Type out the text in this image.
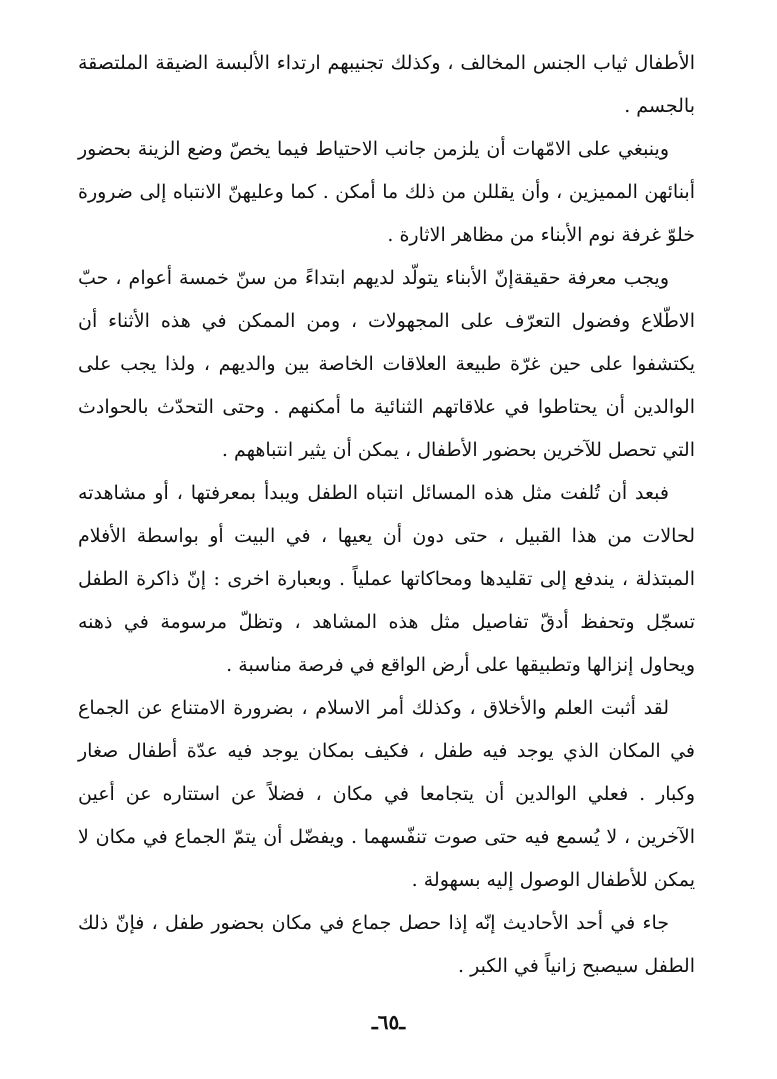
الأطفال ثياب الجنس المخالف ، وكذلك تجنيبهم ارتداء الألبسة الضيقة الملتصقة بالجسم .

وينبغي على الامّهات أن يلزمن جانب الاحتياط فيما يخصّ وضع الزينة بحضور أبنائهن المميزين ، وأن يقللن من ذلك ما أمكن . كما وعليهنّ الانتباه إلى ضرورة خلوّ غرفة نوم الأبناء من مظاهر الاثارة .

ويجب معرفة حقيقةإنّ الأبناء يتولّد لديهم ابتداءً من سنّ خمسة أعوام ، حبّ الاطّلاع وفضول التعرّف على المجهولات ، ومن الممكن في هذه الأثناء أن يكتشفوا على حين غرّة طبيعة العلاقات الخاصة بين والديهم ، ولذا يجب على الوالدين أن يحتاطوا في علاقاتهم الثنائية ما أمكنهم . وحتى التحدّث بالحوادث التي تحصل للآخرين بحضور الأطفال ، يمكن أن يثير انتباههم .

فبعد أن تُلفت مثل هذه المسائل انتباه الطفل ويبدأ بمعرفتها ، أو مشاهدته لحالات من هذا القبيل ، حتى دون أن يعيها ، في البيت أو بواسطة الأفلام المبتذلة ، يندفع إلى تقليدها ومحاكاتها عملياً . وبعبارة اخرى : إنّ ذاكرة الطفل تسجّل وتحفظ أدقّ تفاصيل مثل هذه المشاهد ، وتظلّ مرسومة في ذهنه ويحاول إنزالها وتطبيقها على أرض الواقع في فرصة مناسبة .

لقد أثبت العلم والأخلاق ، وكذلك أمر الاسلام ، بضرورة الامتناع عن الجماع في المكان الذي يوجد فيه طفل ، فكيف بمكان يوجد فيه عدّة أطفال صغار وكبار . فعلي الوالدين أن يتجامعا في مكان ، فضلاً عن استتاره عن أعين الآخرين ، لا يُسمع فيه حتى صوت تنفّسهما . ويفضّل أن يتمّ الجماع في مكان لا يمكن للأطفال الوصول إليه بسهولة .

جاء في أحد الأحاديث إنّه إذا حصل جماع في مكان بحضور طفل ، فإنّ ذلك الطفل سيصبح زانياً في الكبر .

ـ٦٥ـ
